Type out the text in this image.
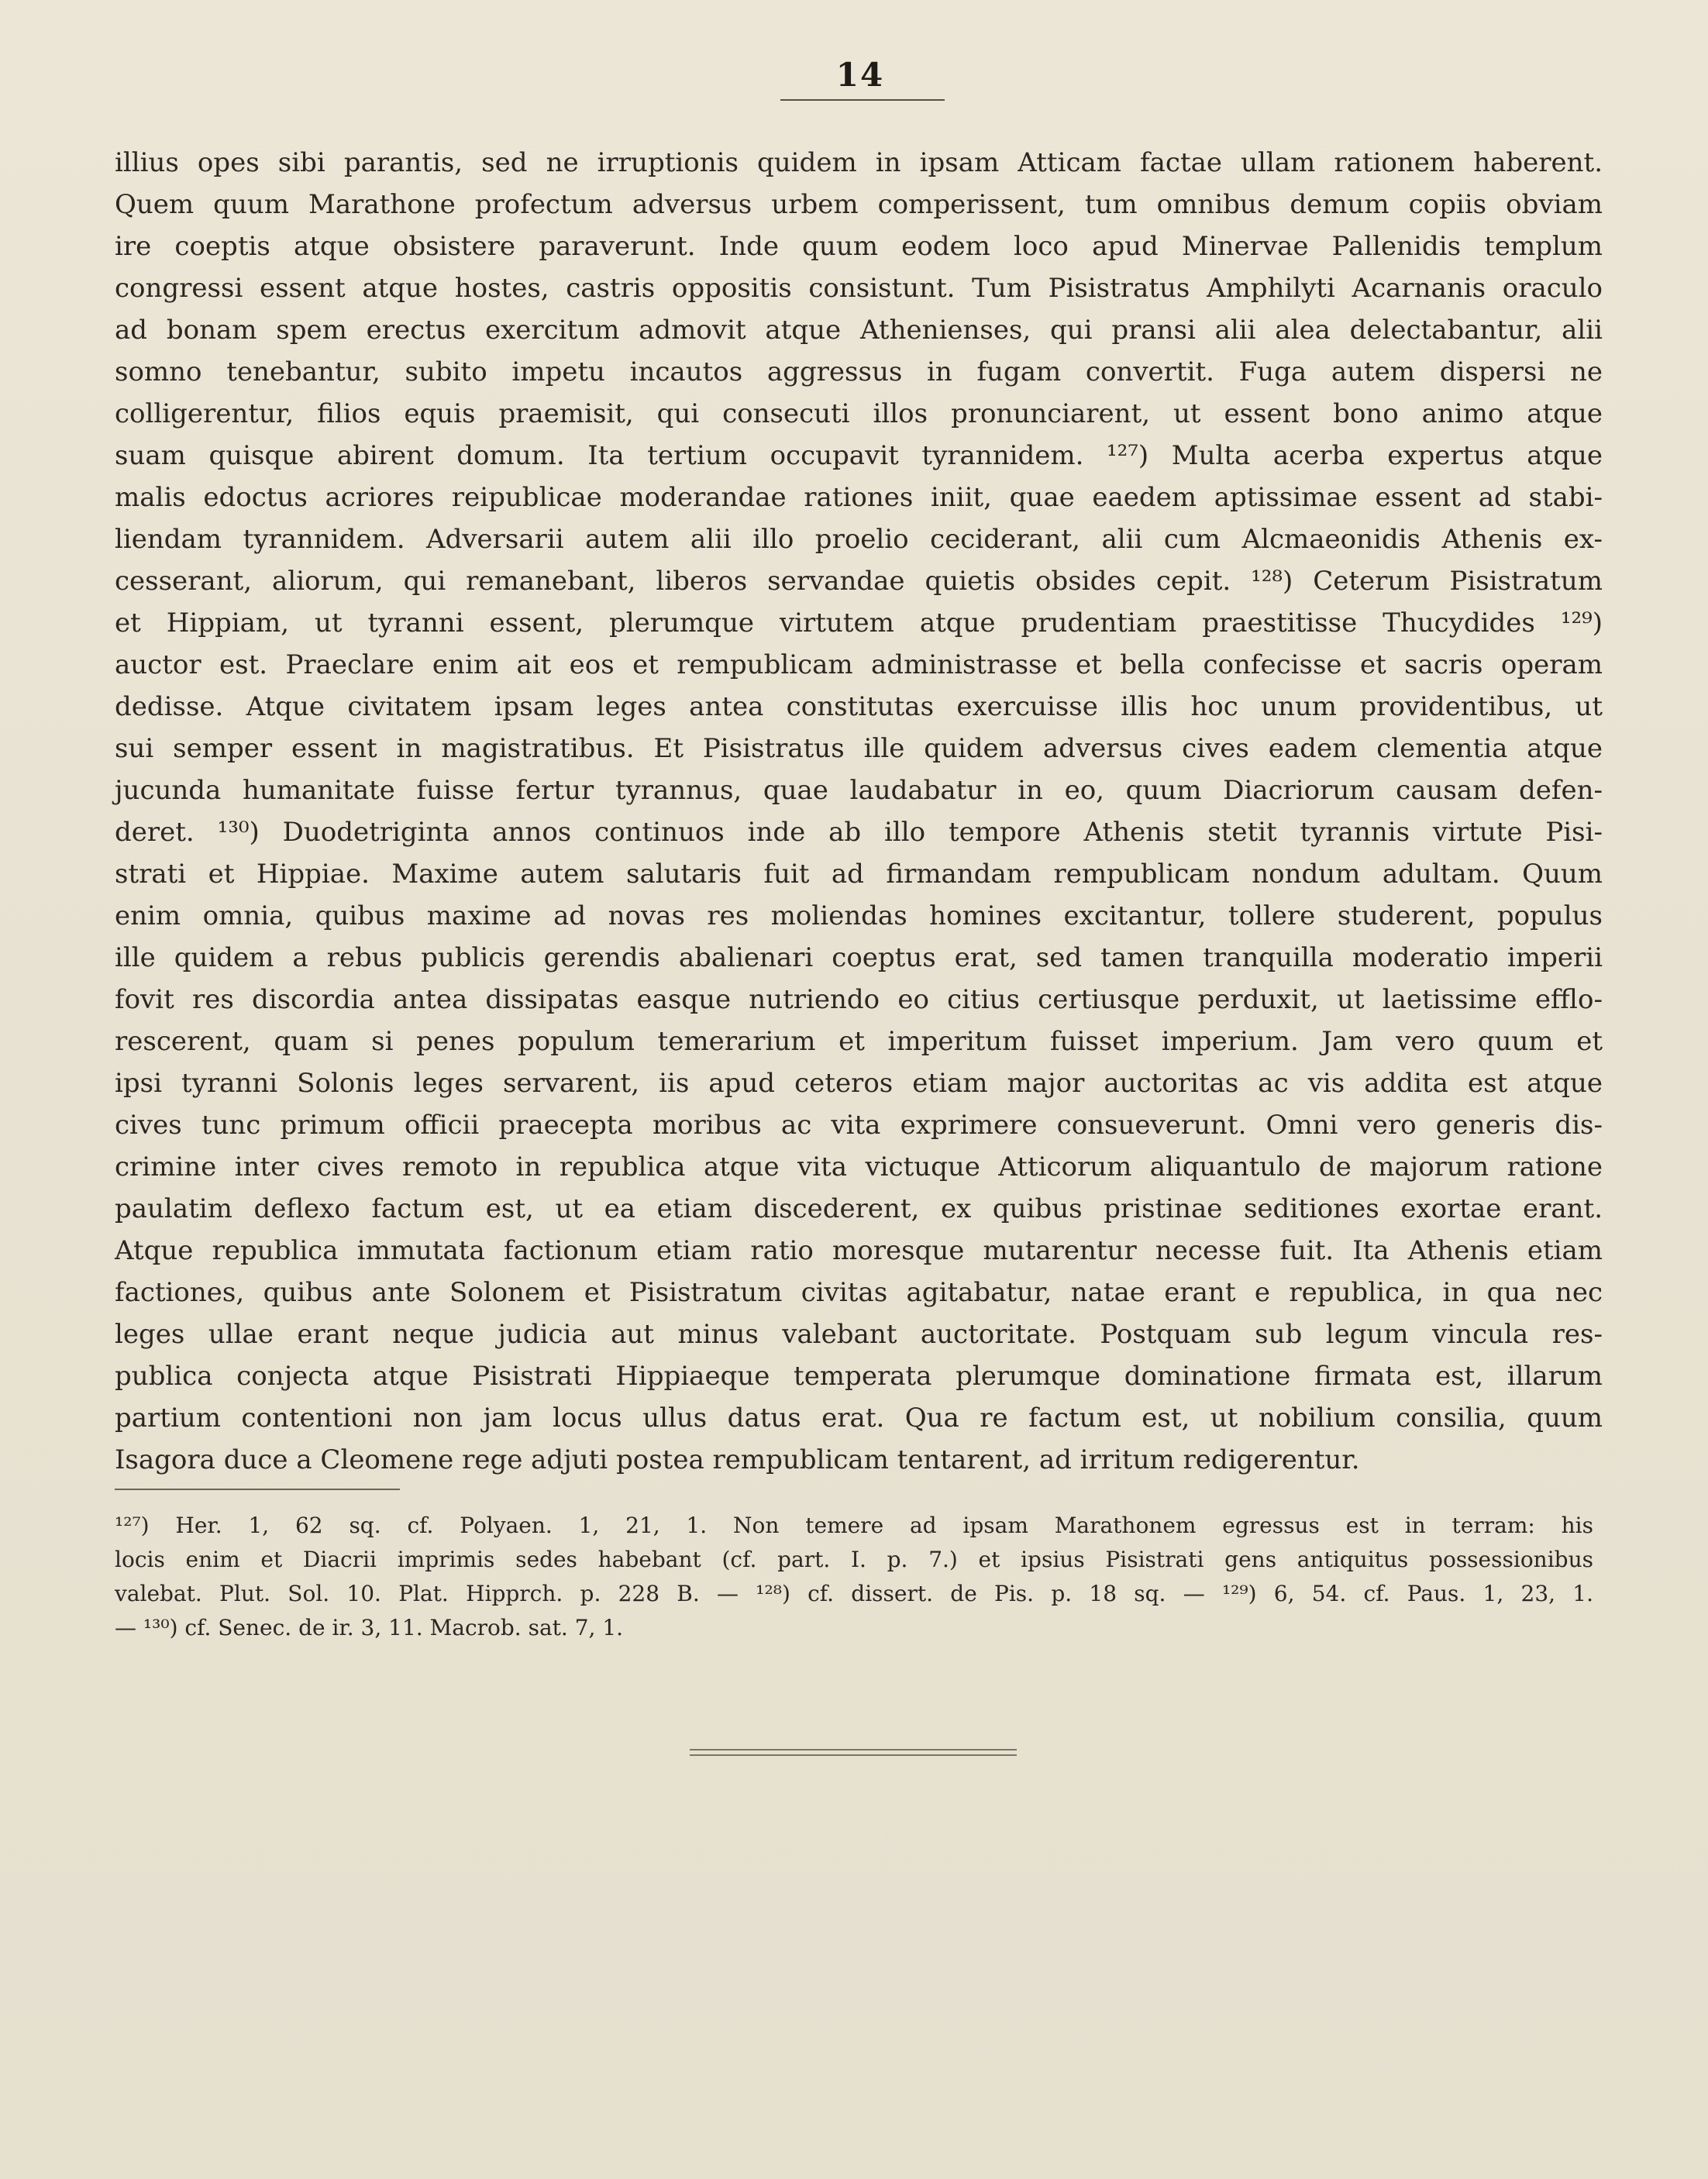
14
illius opes sibi parantis, sed ne irruptionis quidem in ipsam Atticam factae ullam rationem haberent.
Quem quum Marathone profectum adversus urbem comperissent, tum omnibus demum copiis obviam
ire coeptis atque obsistere paraverunt. Inde quum eodem loco apud Minervae Pallenidis templum
congressi essent atque hostes, castris oppositis consistunt. Tum Pisistratus Amphilyti Acarnanis oraculo
ad bonam spem erectus exercitum admovit atque Athenienses, qui pransi alii alea delectabantur, alii
somno tenebantur, subito impetu incautos aggressus in fugam convertit. Fuga autem dispersi ne
colligerentur, filios equis praemisit, qui consecuti illos pronunciarent, ut essent bono animo atque
suam quisque abirent domum. Ita tertium occupavit tyrannidem. ¹²⁷) Multa acerba expertus atque
malis edoctus acriores reipublicae moderandae rationes iniit, quae eaedem aptissimae essent ad stabi-
liendam tyrannidem. Adversarii autem alii illo proelio ceciderant, alii cum Alcmaeonidis Athenis ex-
cesserant, aliorum, qui remanebant, liberos servandae quietis obsides cepit. ¹²⁸) Ceterum Pisistratum
et Hippiam, ut tyranni essent, plerumque virtutem atque prudentiam praestitisse Thucydides ¹²⁹)
auctor est. Praeclare enim ait eos et rempublicam administrasse et bella confecisse et sacris operam
dedisse. Atque civitatem ipsam leges antea constitutas exercuisse illis hoc unum providentibus, ut
sui semper essent in magistratibus. Et Pisistratus ille quidem adversus cives eadem clementia atque
jucunda humanitate fuisse fertur tyrannus, quae laudabatur in eo, quum Diacriorum causam defen-
deret. ¹³⁰) Duodetriginta annos continuos inde ab illo tempore Athenis stetit tyrannis virtute Pisi-
strati et Hippiae. Maxime autem salutaris fuit ad firmandam rempublicam nondum adultam. Quum
enim omnia, quibus maxime ad novas res moliendas homines excitantur, tollere studerent, populus
ille quidem a rebus publicis gerendis abalienari coeptus erat, sed tamen tranquilla moderatio imperii
fovit res discordia antea dissipatas easque nutriendo eo citius certiusque perduxit, ut laetissime efflo-
rescerent, quam si penes populum temerarium et imperitum fuisset imperium. Jam vero quum et
ipsi tyranni Solonis leges servarent, iis apud ceteros etiam major auctoritas ac vis addita est atque
cives tunc primum officii praecepta moribus ac vita exprimere consueverunt. Omni vero generis dis-
crimine inter cives remoto in republica atque vita victuque Atticorum aliquantulo de majorum ratione
paulatim deflexo factum est, ut ea etiam discederent, ex quibus pristinae seditiones exortae erant.
Atque republica immutata factionum etiam ratio moresque mutarentur necesse fuit. Ita Athenis etiam
factiones, quibus ante Solonem et Pisistratum civitas agitabatur, natae erant e republica, in qua nec
leges ullae erant neque judicia aut minus valebant auctoritate. Postquam sub legum vincula res-
publica conjecta atque Pisistrati Hippiaeque temperata plerumque dominatione firmata est, illarum
partium contentioni non jam locus ullus datus erat. Qua re factum est, ut nobilium consilia, quum
Isagora duce a Cleomene rege adjuti postea rempublicam tentarent, ad irritum redigerentur.
¹²⁷) Her. 1, 62 sq. cf. Polyaen. 1, 21, 1. Non temere ad ipsam Marathonem egressus est in terram: his
locis enim et Diacrii imprimis sedes habebant (cf. part. I. p. 7.) et ipsius Pisistrati gens antiquitus possessionibus
valebat. Plut. Sol. 10. Plat. Hipprch. p. 228 B. — ¹²⁸) cf. dissert. de Pis. p. 18 sq. — ¹²⁹) 6, 54. cf. Paus. 1, 23, 1.
— ¹³⁰) cf. Senec. de ir. 3, 11. Macrob. sat. 7, 1.
